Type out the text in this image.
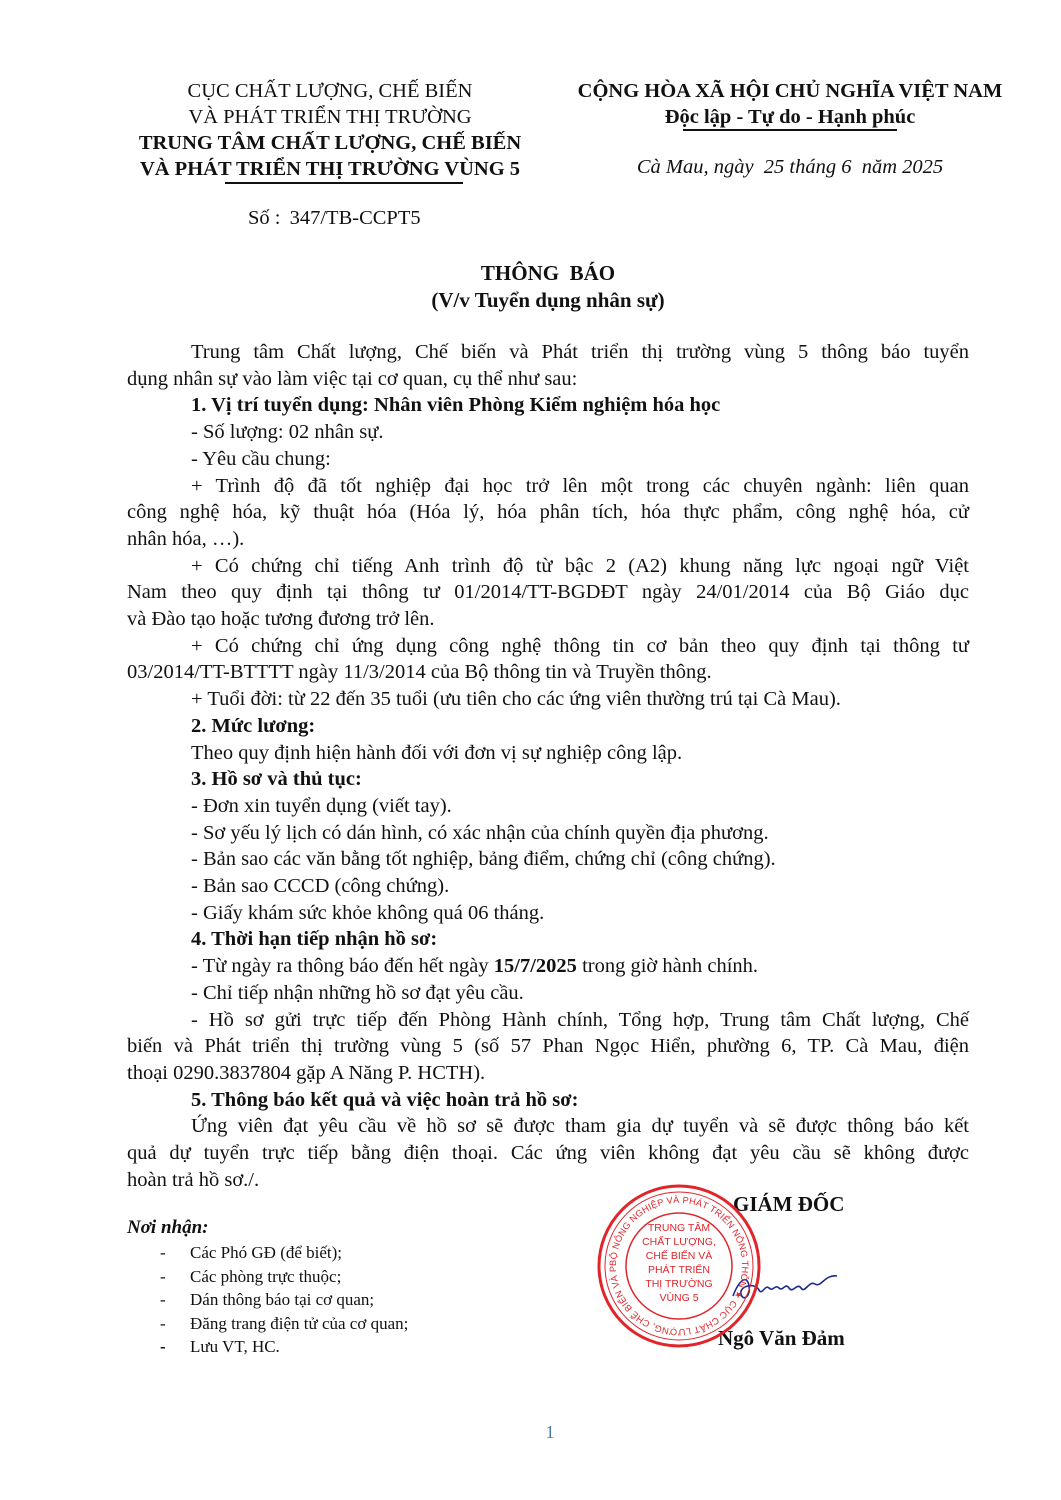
CỤC CHẤT LƯỢNG, CHẾ BIẾN
VÀ PHÁT TRIỂN THỊ TRƯỜNG
TRUNG TÂM CHẤT LƯỢNG, CHẾ BIẾN
VÀ PHÁT TRIỂN THỊ TRƯỜNG VÙNG 5
Số : 347/TB-CCPT5
CỘNG HÒA XÃ HỘI CHỦ NGHĨA VIỆT NAM
Độc lập - Tự do - Hạnh phúc
Cà Mau, ngày  25 tháng 6  năm 2025
THÔNG  BÁO
(V/v Tuyển dụng nhân sự)
Trung tâm Chất lượng, Chế biến và Phát triển thị trường vùng 5 thông báo tuyển
dụng nhân sự vào làm việc tại cơ quan, cụ thể như sau:
1. Vị trí tuyển dụng: Nhân viên Phòng Kiểm nghiệm hóa học
- Số lượng: 02 nhân sự.
- Yêu cầu chung:
+ Trình độ đã tốt nghiệp đại học trở lên một trong các chuyên ngành: liên quan
công nghệ hóa, kỹ thuật hóa (Hóa lý, hóa phân tích, hóa thực phẩm, công nghệ hóa, cử
nhân hóa, …).
+ Có chứng chỉ tiếng Anh trình độ từ bậc 2 (A2) khung năng lực ngoại ngữ Việt
Nam theo quy định tại thông tư 01/2014/TT-BGDĐT ngày 24/01/2014 của Bộ Giáo dục
và Đào tạo hoặc tương đương trở lên.
+ Có chứng chỉ ứng dụng công nghệ thông tin cơ bản theo quy định tại thông tư
03/2014/TT-BTTTT ngày 11/3/2014 của Bộ thông tin và Truyền thông.
+ Tuổi đời: từ 22 đến 35 tuổi (ưu tiên cho các ứng viên thường trú tại Cà Mau).
2. Mức lương:
Theo quy định hiện hành đối với đơn vị sự nghiệp công lập.
3. Hồ sơ và thủ tục:
- Đơn xin tuyển dụng (viết tay).
- Sơ yếu lý lịch có dán hình, có xác nhận của chính quyền địa phương.
- Bản sao các văn bằng tốt nghiệp, bảng điểm, chứng chỉ (công chứng).
- Bản sao CCCD (công chứng).
- Giấy khám sức khỏe không quá 06 tháng.
4. Thời hạn tiếp nhận hồ sơ:
- Từ ngày ra thông báo đến hết ngày 15/7/2025 trong giờ hành chính.
- Chỉ tiếp nhận những hồ sơ đạt yêu cầu.
- Hồ sơ gửi trực tiếp đến Phòng Hành chính, Tổng hợp, Trung tâm Chất lượng, Chế
biến và Phát triển thị trường vùng 5 (số 57 Phan Ngọc Hiển, phường 6, TP. Cà Mau, điện
thoại 0290.3837804 gặp A Năng P. HCTH).
5. Thông báo kết quả và việc hoàn trả hồ sơ:
Ứng viên đạt yêu cầu về hồ sơ sẽ được tham gia dự tuyển và sẽ được thông báo kết
quả dự tuyển trực tiếp bằng điện thoại. Các ứng viên không đạt yêu cầu sẽ không được
hoàn trả hồ sơ./.
Nơi nhận:
- Các Phó GĐ (để biết);
- Các phòng trực thuộc;
- Dán thông báo tại cơ quan;
- Đăng trang điện tử của cơ quan;
- Lưu VT, HC.
GIÁM ĐỐC
Ngô Văn Đảm
BỘ NÔNG NGHIỆP VÀ PHÁT TRIỂN NÔNG THÔN ★ CỤC CHẤT LƯỢNG, CHẾ BIẾN VÀ P
TRUNG TÂM
CHẤT LƯỢNG,
CHẾ BIẾN VÀ
PHÁT TRIỂN
THỊ TRƯỜNG
VÙNG 5
1
